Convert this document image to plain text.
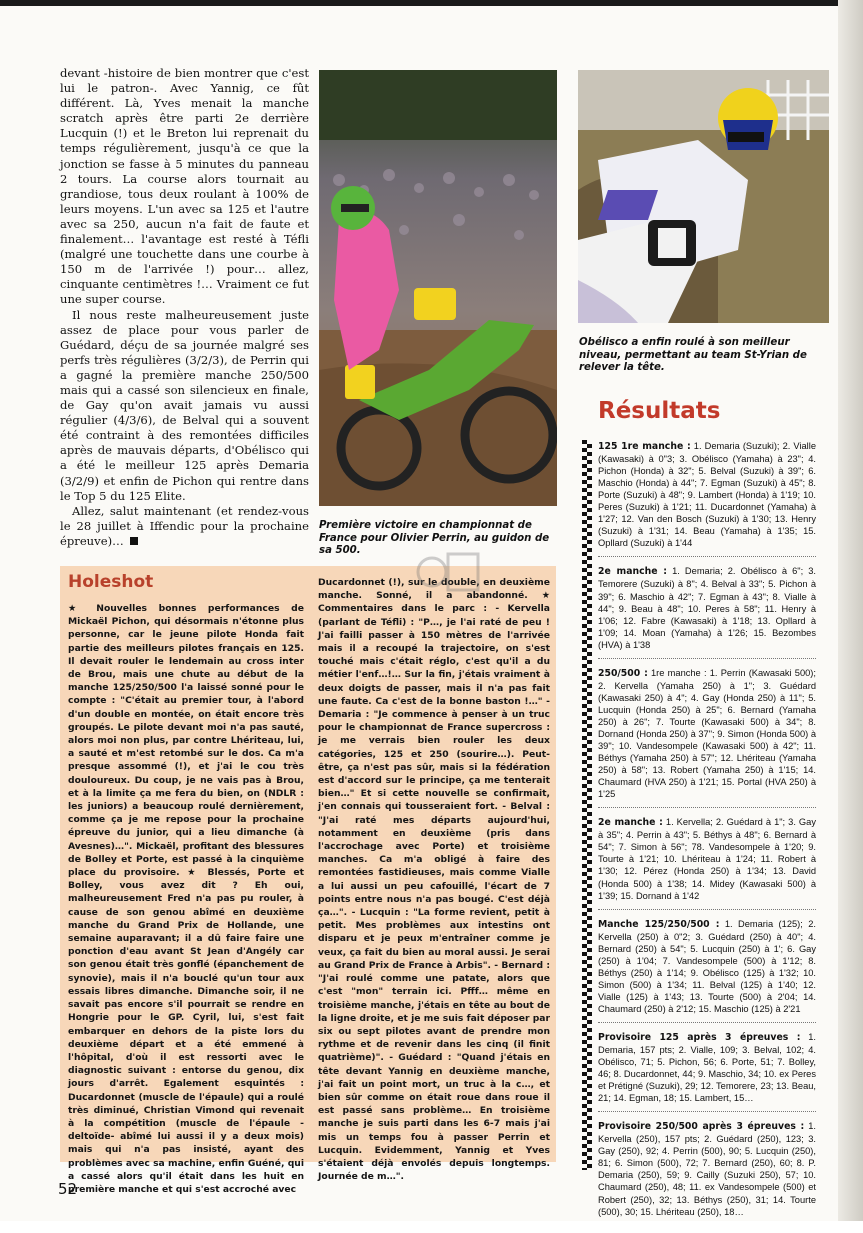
devant -histoire de bien montrer que c'est lui le patron-. Avec Yannig, ce fût différent. Là, Yves menait la manche scratch après être parti 2e derrière Lucquin (!) et le Breton lui reprenait du temps régulièrement, jusqu'à ce que la jonction se fasse à 5 minutes du panneau 2 tours. La course alors tournait au grandiose, tous deux roulant à 100% de leurs moyens. L'un avec sa 125 et l'autre avec sa 250, aucun n'a fait de faute et finalement… l'avantage est resté à Téfli (malgré une touchette dans une courbe à 150 m de l'arrivée !) pour… allez, cinquante centimètres !… Vraiment ce fut une super course.

Il nous reste malheureusement juste assez de place pour vous parler de Guédard, déçu de sa journée malgré ses perfs très régulières (3/2/3), de Perrin qui a gagné la première manche 250/500 mais qui a cassé son silencieux en finale, de Gay qu'on avait jamais vu aussi régulier (4/3/6), de Belval qui a souvent été contraint à des remontées difficiles après de mauvais départs, d'Obélisco qui a été le meilleur 125 après Demaria (3/2/9) et enfin de Pichon qui rentre dans le Top 5 du 125 Elite.

Allez, salut maintenant (et rendez-vous le 28 juillet à Iffendic pour la prochaine épreuve)…

Première victoire en championnat de France pour Olivier Perrin, au guidon de sa 500.

Obélisco a enfin roulé à son meilleur niveau, permettant au team St-Yrian de relever la tête.

Holeshot

★ Nouvelles bonnes performances de Mickaël Pichon, qui désormais n'étonne plus personne, car le jeune pilote Honda fait partie des meilleurs pilotes français en 125. Il devait rouler le lendemain au cross inter de Brou, mais une chute au début de la manche 125/250/500 l'a laissé sonné pour le compte : "C'était au premier tour, à l'abord d'un double en montée, on était encore très groupés. Le pilote devant moi n'a pas sauté, alors moi non plus, par contre Lhériteau, lui, a sauté et m'est retombé sur le dos. Ca m'a presque assommé (!), et j'ai le cou très douloureux. Du coup, je ne vais pas à Brou, et à la limite ça me fera du bien, on (NDLR : les juniors) a beaucoup roulé dernièrement, comme ça je me repose pour la prochaine épreuve du junior, qui a lieu dimanche (à Avesnes)…". Mickaël, profitant des blessures de Bolley et Porte, est passé à la cinquième place du provisoire. ★ Blessés, Porte et Bolley, vous avez dit ? Eh oui, malheureusement Fred n'a pas pu rouler, à cause de son genou abîmé en deuxième manche du Grand Prix de Hollande, une semaine auparavant; il a dû faire faire une ponction d'eau avant St Jean d'Angély car son genou était très gonflé (épanchement de synovie), mais il n'a bouclé qu'un tour aux essais libres dimanche. Dimanche soir, il ne savait pas encore s'il pourrait se rendre en Hongrie pour le GP. Cyril, lui, s'est fait embarquer en dehors de la piste lors du deuxième départ et a été emmené à l'hôpital, d'où il est ressorti avec le diagnostic suivant : entorse du genou, dix jours d'arrêt. Egalement esquintés : Ducardonnet (muscle de l'épaule) qui a roulé très diminué, Christian Vimond qui revenait à la compétition (muscle de l'épaule -deltoïde- abîmé lui aussi il y a deux mois) mais qui n'a pas insisté, ayant des problèmes avec sa machine, enfin Guéné, qui a cassé alors qu'il était dans les huit en première manche et qui s'est accroché avec

Ducardonnet (!), sur le double, en deuxième manche. Sonné, il a abandonné. ★ Commentaires dans le parc : - Kervella (parlant de Téfli) : "P…, je l'ai raté de peu ! J'ai failli passer à 150 mètres de l'arrivée mais il a recoupé la trajectoire, on s'est touché mais c'était réglo, c'est qu'il a du métier l'enf…!… Sur la fin, j'étais vraiment à deux doigts de passer, mais il n'a pas fait une faute. Ca c'est de la bonne baston !…" - Demaria : "Je commence à penser à un truc pour le championnat de France supercross : je me verrais bien rouler les deux catégories, 125 et 250 (sourire…). Peut-être, ça n'est pas sûr, mais si la fédération est d'accord sur le principe, ça me tenterait bien…" Et si cette nouvelle se confirmait, j'en connais qui tousseraient fort. - Belval : "J'ai raté mes départs aujourd'hui, notamment en deuxième (pris dans l'accrochage avec Porte) et troisième manches. Ca m'a obligé à faire des remontées fastidieuses, mais comme Vialle a lui aussi un peu cafouillé, l'écart de 7 points entre nous n'a pas bougé. C'est déjà ça…". - Lucquin : "La forme revient, petit à petit. Mes problèmes aux intestins ont disparu et je peux m'entraîner comme je veux, ça fait du bien au moral aussi. Je serai au Grand Prix de France à Arbis". - Bernard : "J'ai roulé comme une patate, alors que c'est "mon" terrain ici. Pfff… même en troisième manche, j'étais en tête au bout de la ligne droite, et je me suis fait déposer par six ou sept pilotes avant de prendre mon rythme et de revenir dans les cinq (il finit quatrième)". - Guédard : "Quand j'étais en tête devant Yannig en deuxième manche, j'ai fait un point mort, un truc à la c…, et bien sûr comme on était roue dans roue il est passé sans problème… En troisième manche je suis parti dans les 6-7 mais j'ai mis un temps fou à passer Perrin et Lucquin. Evidemment, Yannig et Yves s'étaient déjà envolés depuis longtemps. Journée de m…".

Résultats

125 1re manche : 1. Demaria (Suzuki); 2. Vialle (Kawasaki) à 0"3; 3. Obélisco (Yamaha) à 23"; 4. Pichon (Honda) à 32"; 5. Belval (Suzuki) à 39"; 6. Maschio (Honda) à 44"; 7. Egman (Suzuki) à 45"; 8. Porte (Suzuki) à 48"; 9. Lambert (Honda) à 1'19; 10. Peres (Suzuki) à 1'21; 11. Ducardonnet (Yamaha) à 1'27; 12. Van den Bosch (Suzuki) à 1'30; 13. Henry (Suzuki) à 1'31; 14. Beau (Yamaha) à 1'35; 15. Opllard (Suzuki) à 1'44

2e manche : 1. Demaria; 2. Obélisco à 6"; 3. Temorere (Suzuki) à 8"; 4. Belval à 33"; 5. Pichon à 39"; 6. Maschio à 42"; 7. Egman à 43"; 8. Vialle à 44"; 9. Beau à 48"; 10. Peres à 58"; 11. Henry à 1'06; 12. Fabre (Kawasaki) à 1'18; 13. Opllard à 1'09; 14. Moan (Yamaha) à 1'26; 15. Bezombes (HVA) à 1'38

250/500 : 1re manche : 1. Perrin (Kawasaki 500); 2. Kervella (Yamaha 250) à 1"; 3. Guédard (Kawasaki 250) à 4"; 4. Gay (Honda 250) à 11"; 5. Lucquin (Honda 250) à 25"; 6. Bernard (Yamaha 250) à 26"; 7. Tourte (Kawasaki 500) à 34"; 8. Dornand (Honda 250) à 37"; 9. Simon (Honda 500) à 39"; 10. Vandesompele (Kawasaki 500) à 42"; 11. Béthys (Yamaha 250) à 57"; 12. Lhériteau (Yamaha 250) à 58"; 13. Robert (Yamaha 250) à 1'15; 14. Chaumard (HVA 250) à 1'21; 15. Portal (HVA 250) à 1'25

2e manche : 1. Kervella; 2. Guédard à 1"; 3. Gay à 35"; 4. Perrin à 43"; 5. Béthys à 48"; 6. Bernard à 54"; 7. Simon à 56"; 78. Vandesompele à 1'20; 9. Tourte à 1'21; 10. Lhériteau à 1'24; 11. Robert à 1'30; 12. Pérez (Honda 250) à 1'34; 13. David (Honda 500) à 1'38; 14. Midey (Kawasaki 500) à 1'39; 15. Dornand à 1'42

Manche 125/250/500 : 1. Demaria (125); 2. Kervella (250) à 0"2; 3. Guédard (250) à 40"; 4. Bernard (250) à 54"; 5. Lucquin (250) à 1'; 6. Gay (250) à 1'04; 7. Vandesompele (500) à 1'12; 8. Béthys (250) à 1'14; 9. Obélisco (125) à 1'32; 10. Simon (500) à 1'34; 11. Belval (125) à 1'40; 12. Vialle (125) à 1'43; 13. Tourte (500) à 2'04; 14. Chaumard (250) à 2'12; 15. Maschio (125) à 2'21

Provisoire 125 après 3 épreuves : 1. Demaria, 157 pts; 2. Vialle, 109; 3. Belval, 102; 4. Obélisco, 71; 5. Pichon, 56; 6. Porte, 51; 7. Bolley, 46; 8. Ducardonnet, 44; 9. Maschio, 34; 10. ex Peres et Prétigné (Suzuki), 29; 12. Temorere, 23; 13. Beau, 21; 14. Egman, 18; 15. Lambert, 15…

Provisoire 250/500 après 3 épreuves : 1. Kervella (250), 157 pts; 2. Guédard (250), 123; 3. Gay (250), 92; 4. Perrin (500), 90; 5. Lucquin (250), 81; 6. Simon (500), 72; 7. Bernard (250), 60; 8. P. Demaria (250), 59; 9. Cailly (Suzuki 250), 57; 10. Chaumard (250), 48; 11. ex Vandesompele (500) et Robert (250), 32; 13. Béthys (250), 31; 14. Tourte (500), 30; 15. Lhériteau (250), 18…

52
